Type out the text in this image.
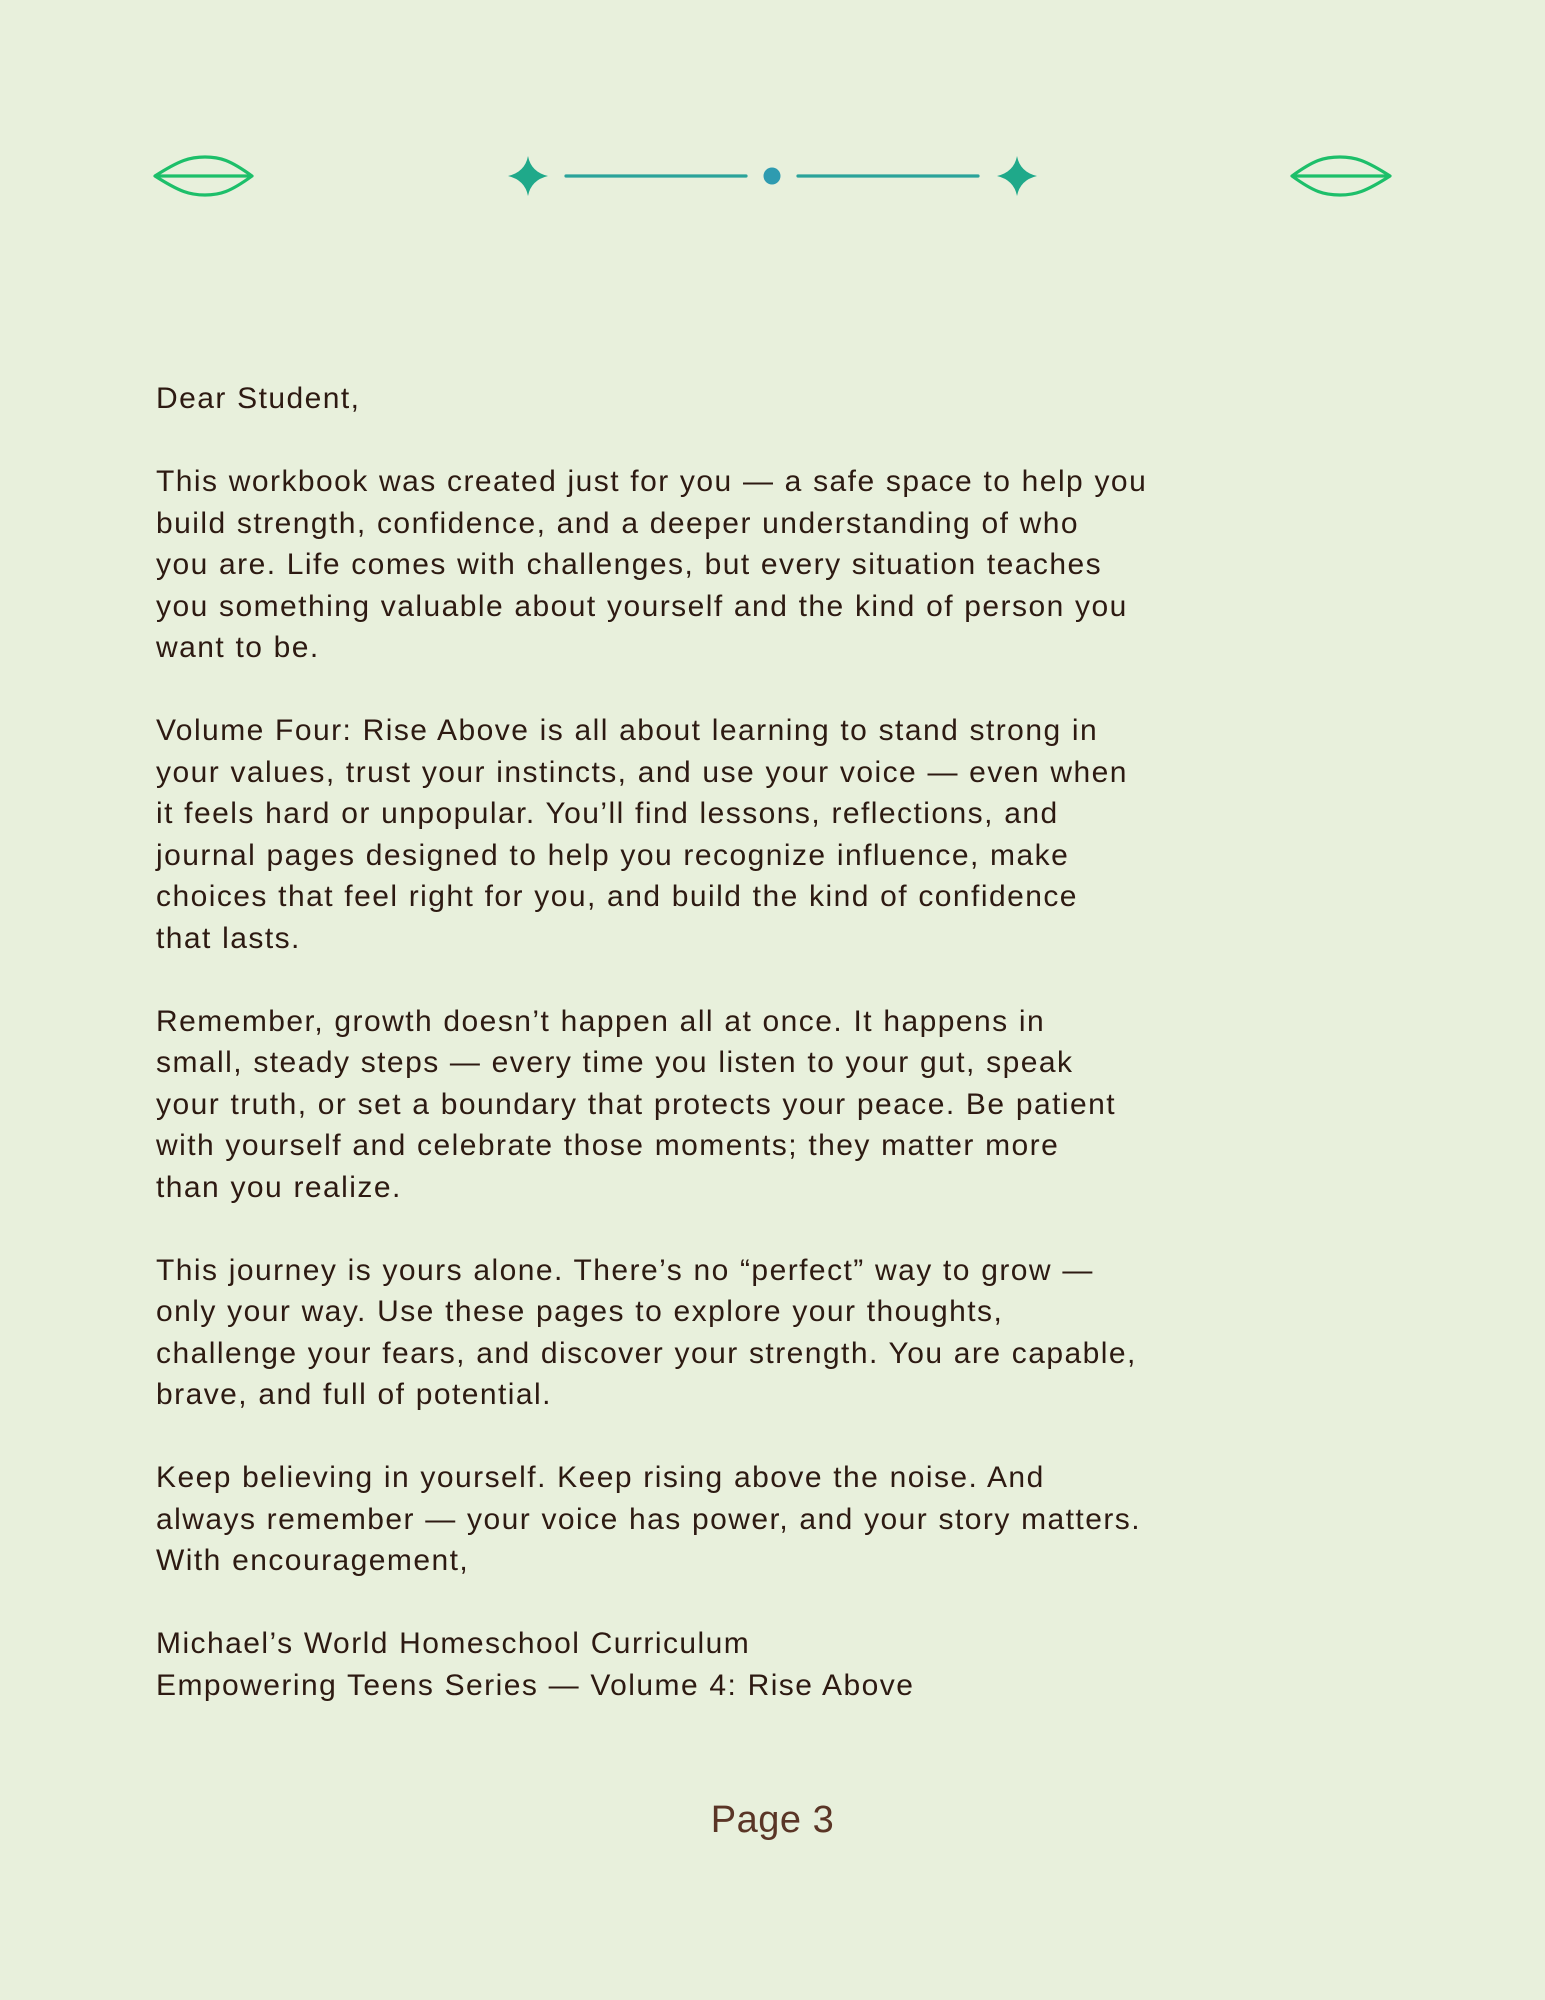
Dear Student,
This workbook was created just for you — a safe space to help you
build strength, confidence, and a deeper understanding of who
you are. Life comes with challenges, but every situation teaches
you something valuable about yourself and the kind of person you
want to be.
Volume Four: Rise Above is all about learning to stand strong in
your values, trust your instincts, and use your voice — even when
it feels hard or unpopular. You’ll find lessons, reflections, and
journal pages designed to help you recognize influence, make
choices that feel right for you, and build the kind of confidence
that lasts.
Remember, growth doesn’t happen all at once. It happens in
small, steady steps — every time you listen to your gut, speak
your truth, or set a boundary that protects your peace. Be patient
with yourself and celebrate those moments; they matter more
than you realize.
This journey is yours alone. There’s no “perfect” way to grow —
only your way. Use these pages to explore your thoughts,
challenge your fears, and discover your strength. You are capable,
brave, and full of potential.
Keep believing in yourself. Keep rising above the noise. And
always remember — your voice has power, and your story matters.
With encouragement,
Michael’s World Homeschool Curriculum
Empowering Teens Series — Volume 4: Rise Above
Page 3
